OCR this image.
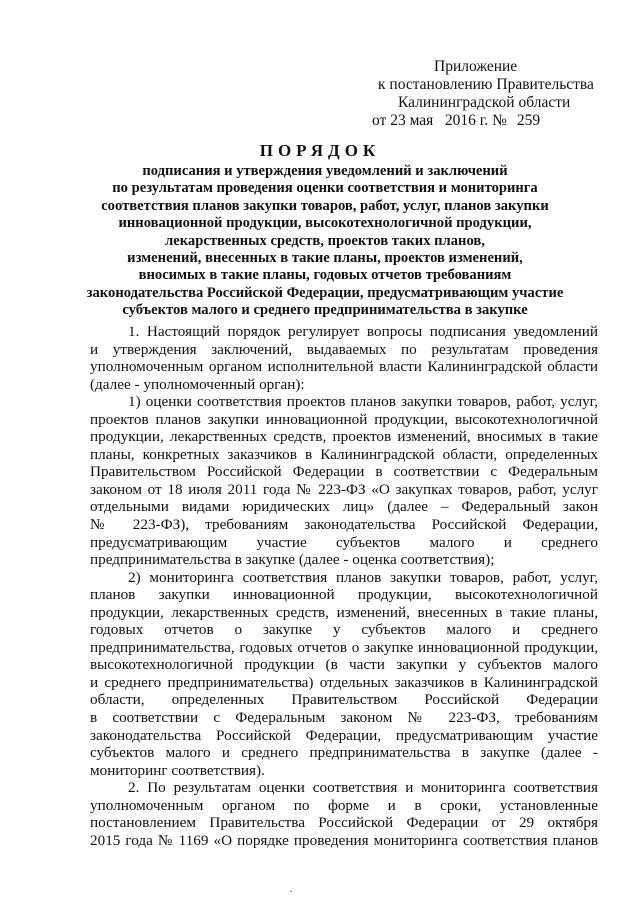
Приложение
к постановлению Правительства
Калининградской области
от 23 мая 2016 г. № 259
ПОРЯДОК
подписания и утверждения уведомлений и заключений
по результатам проведения оценки соответствия и мониторинга
соответствия планов закупки товаров, работ, услуг, планов закупки
инновационной продукции, высокотехнологичной продукции,
лекарственных средств, проектов таких планов,
изменений, внесенных в такие планы, проектов изменений,
вносимых в такие планы, годовых отчетов требованиям
законодательства Российской Федерации, предусматривающим участие
субъектов малого и среднего предпринимательства в закупке

1. Настоящий порядок регулирует вопросы подписания уведомлений

и утверждения заключений, выдаваемых по результатам проведения

уполномоченным органом исполнительной власти Калининградской области

(далее - уполномоченный орган):

1) оценки соответствия проектов планов закупки товаров, работ, услуг,

проектов планов закупки инновационной продукции, высокотехнологичной

продукции, лекарственных средств, проектов изменений, вносимых в такие

планы, конкретных заказчиков в Калининградской области, определенных

Правительством Российской Федерации в соответствии с Федеральным

законом от 18 июля 2011 года № 223-ФЗ «О закупках товаров, работ, услуг

отдельными видами юридических лиц» (далее – Федеральный закон

№ 223-ФЗ), требованиям законодательства Российской Федерации,

предусматривающим участие субъектов малого и среднего

предпринимательства в закупке (далее - оценка соответствия);

2) мониторинга соответствия планов закупки товаров, работ, услуг,

планов закупки инновационной продукции, высокотехнологичной

продукции, лекарственных средств, изменений, внесенных в такие планы,

годовых отчетов о закупке у субъектов малого и среднего

предпринимательства, годовых отчетов о закупке инновационной продукции,

высокотехнологичной продукции (в части закупки у субъектов малого

и среднего предпринимательства) отдельных заказчиков в Калининградской

области, определенных Правительством Российской Федерации

в соответствии с Федеральным законом № 223-ФЗ, требованиям

законодательства Российской Федерации, предусматривающим участие

субъектов малого и среднего предпринимательства в закупке (далее -

мониторинг соответствия).

2. По результатам оценки соответствия и мониторинга соответствия

уполномоченным органом по форме и в сроки, установленные

постановлением Правительства Российской Федерации от 29 октября

2015 года № 1169 «О порядке проведения мониторинга соответствия планов

·
